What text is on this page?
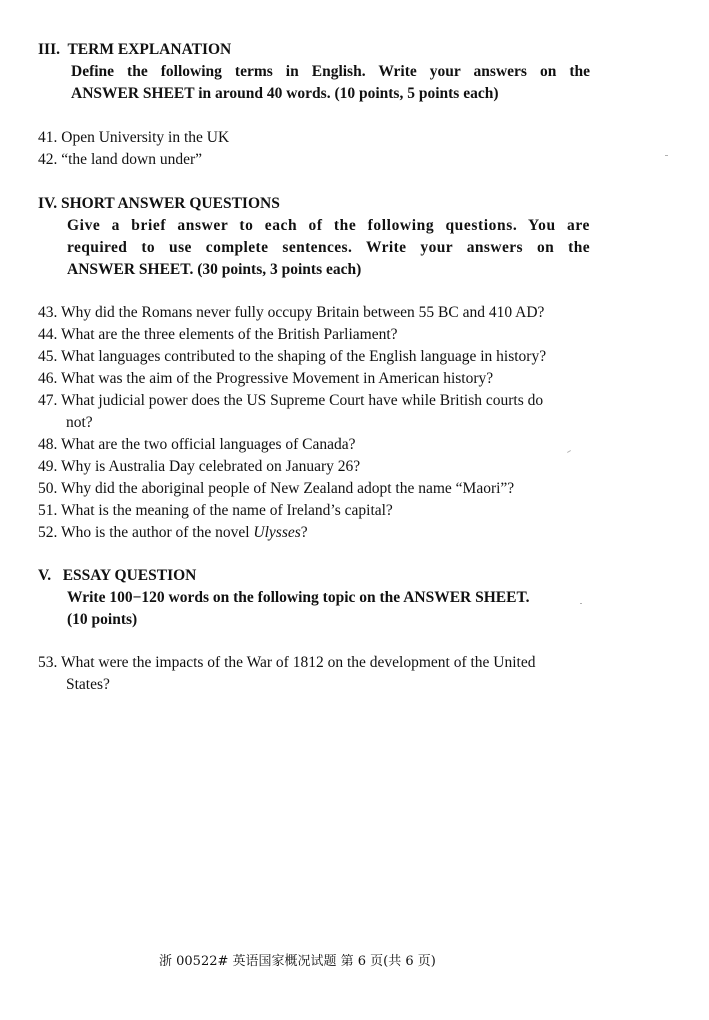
III. TERM EXPLANATION
Define the following terms in English. Write your answers on the
ANSWER SHEET in around 40 words. (10 points, 5 points each)
41. Open University in the UK
42. “the land down under”
IV. SHORT ANSWER QUESTIONS
Give a brief answer to each of the following questions. You are
required to use complete sentences. Write your answers on the
ANSWER SHEET. (30 points, 3 points each)
43. Why did the Romans never fully occupy Britain between 55 BC and 410 AD?
44. What are the three elements of the British Parliament?
45. What languages contributed to the shaping of the English language in history?
46. What was the aim of the Progressive Movement in American history?
47. What judicial power does the US Supreme Court have while British courts do
not?
48. What are the two official languages of Canada?
49. Why is Australia Day celebrated on January 26?
50. Why did the aboriginal people of New Zealand adopt the name “Maori”?
51. What is the meaning of the name of Ireland’s capital?
52. Who is the author of the novel Ulysses?
V. ESSAY QUESTION
Write 100−120 words on the following topic on the ANSWER SHEET.
(10 points)
53. What were the impacts of the War of 1812 on the development of the United
States?
浙 00522# 英语国家概况试题 第 6 页(共 6 页)
